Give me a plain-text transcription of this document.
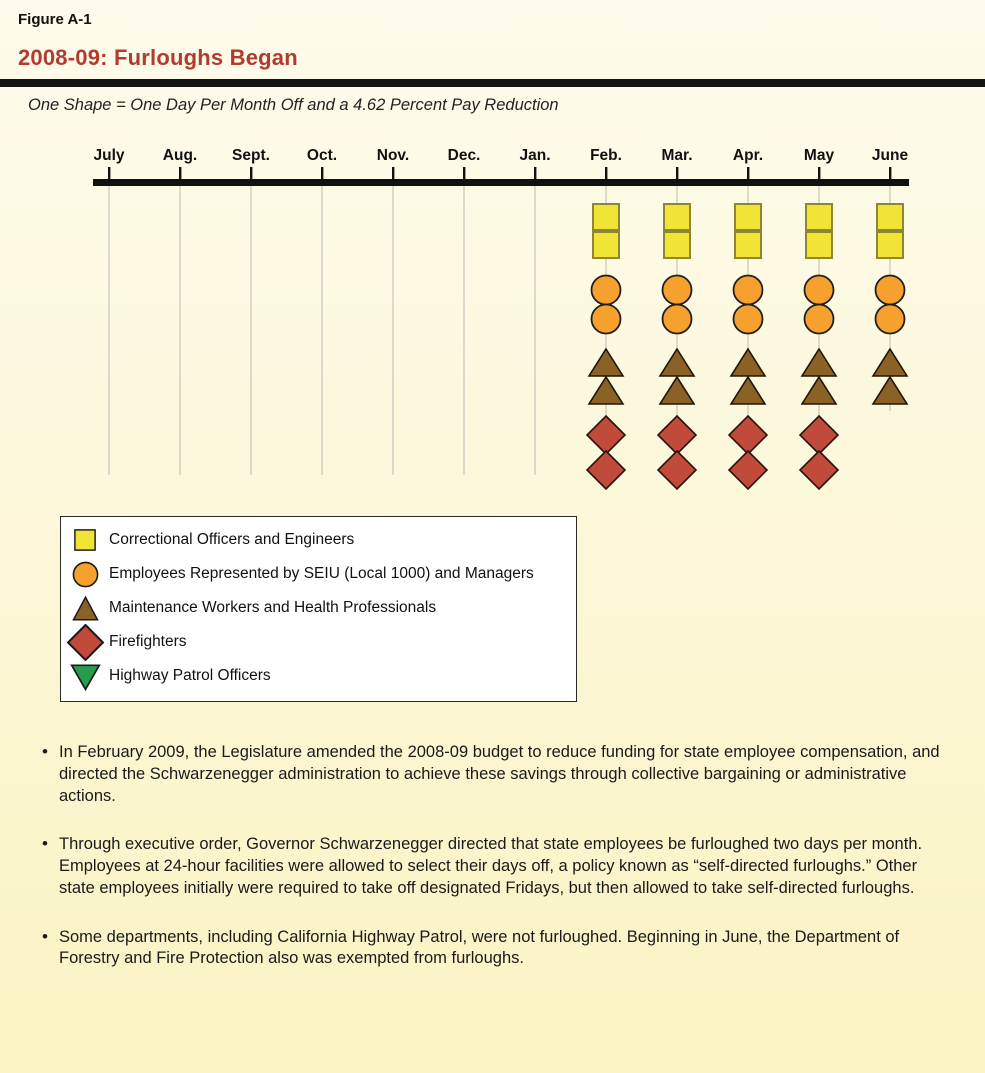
Figure A-1
2008-09: Furloughs Began
One Shape = One Day Per Month Off and a 4.62 Percent Pay Reduction
July Aug. Sept. Oct.	Nov. Dec.	Jan.	Feb.	Mar.	Apr.	May June
Correctional Officers and Engineers
Employees Represented by SEIU (Local 1000) and Managers
Maintenance Workers and Health Professionals
Firefighters
Highway Patrol Officers
• In February 2009, the Legislature amended the 2008-09 budget to reduce funding for state employee compensation, and directed the Schwarzenegger administration to achieve these savings through collective bargaining or administrative actions.
• Through executive order, Governor Schwarzenegger directed that state employees be furloughed two days per month. Employees at 24-hour facilities were allowed to select their days off, a policy known as “self-directed furloughs.” Other state employees initially were required to take off designated Fridays, but then allowed to take self-directed furloughs.
• Some departments, including California Highway Patrol, were not furloughed. Beginning in June, the Department of Forestry and Fire Protection also was exempted from furloughs.
